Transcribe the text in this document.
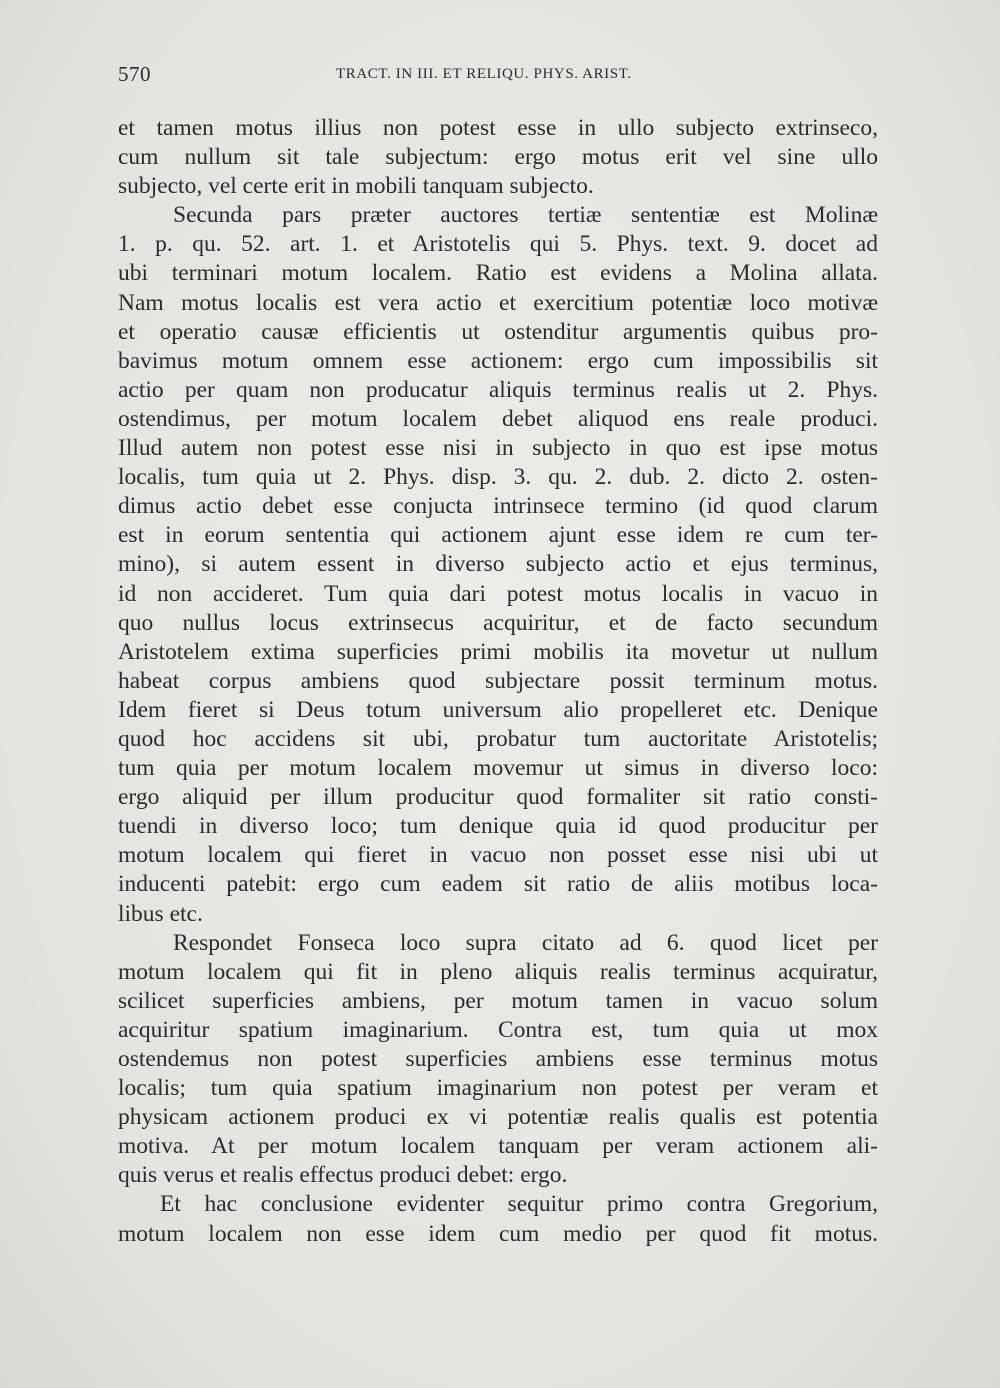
570	TRACT. IN III. ET RELIQU. PHYS. ARIST.
et tamen motus illius non potest esse in ullo subjecto extrinseco,
cum nullum sit tale subjectum: ergo motus erit vel sine ullo
subjecto, vel certe erit in mobili tanquam subjecto.
Secunda pars præter auctores tertiæ sententiæ est Molinæ
1. p. qu. 52. art. 1. et Aristotelis qui 5. Phys. text. 9. docet ad
ubi terminari motum localem. Ratio est evidens a Molina allata.
Nam motus localis est vera actio et exercitium potentiæ loco motivæ
et operatio causæ efficientis ut ostenditur argumentis quibus pro-
bavimus motum omnem esse actionem: ergo cum impossibilis sit
actio per quam non producatur aliquis terminus realis ut 2. Phys.
ostendimus, per motum localem debet aliquod ens reale produci.
Illud autem non potest esse nisi in subjecto in quo est ipse motus
localis, tum quia ut 2. Phys. disp. 3. qu. 2. dub. 2. dicto 2. osten-
dimus actio debet esse conjucta intrinsece termino (id quod clarum
est in eorum sententia qui actionem ajunt esse idem re cum ter-
mino), si autem essent in diverso subjecto actio et ejus terminus,
id non accideret. Tum quia dari potest motus localis in vacuo in
quo nullus locus extrinsecus acquiritur, et de facto secundum
Aristotelem extima superficies primi mobilis ita movetur ut nullum
habeat corpus ambiens quod subjectare possit terminum motus.
Idem fieret si Deus totum universum alio propelleret etc. Denique
quod hoc accidens sit ubi, probatur tum auctoritate Aristotelis;
tum quia per motum localem movemur ut simus in diverso loco:
ergo aliquid per illum producitur quod formaliter sit ratio consti-
tuendi in diverso loco; tum denique quia id quod producitur per
motum localem qui fieret in vacuo non posset esse nisi ubi ut
inducenti patebit: ergo cum eadem sit ratio de aliis motibus loca-
libus etc.
Respondet Fonseca loco supra citato ad 6. quod licet per
motum localem qui fit in pleno aliquis realis terminus acquiratur,
scilicet superficies ambiens, per motum tamen in vacuo solum
acquiritur spatium imaginarium. Contra est, tum quia ut mox
ostendemus non potest superficies ambiens esse terminus motus
localis; tum quia spatium imaginarium non potest per veram et
physicam actionem produci ex vi potentiæ realis qualis est potentia
motiva. At per motum localem tanquam per veram actionem ali-
quis verus et realis effectus produci debet: ergo.
Et hac conclusione evidenter sequitur primo contra Gregorium,
motum localem non esse idem cum medio per quod fit motus.
